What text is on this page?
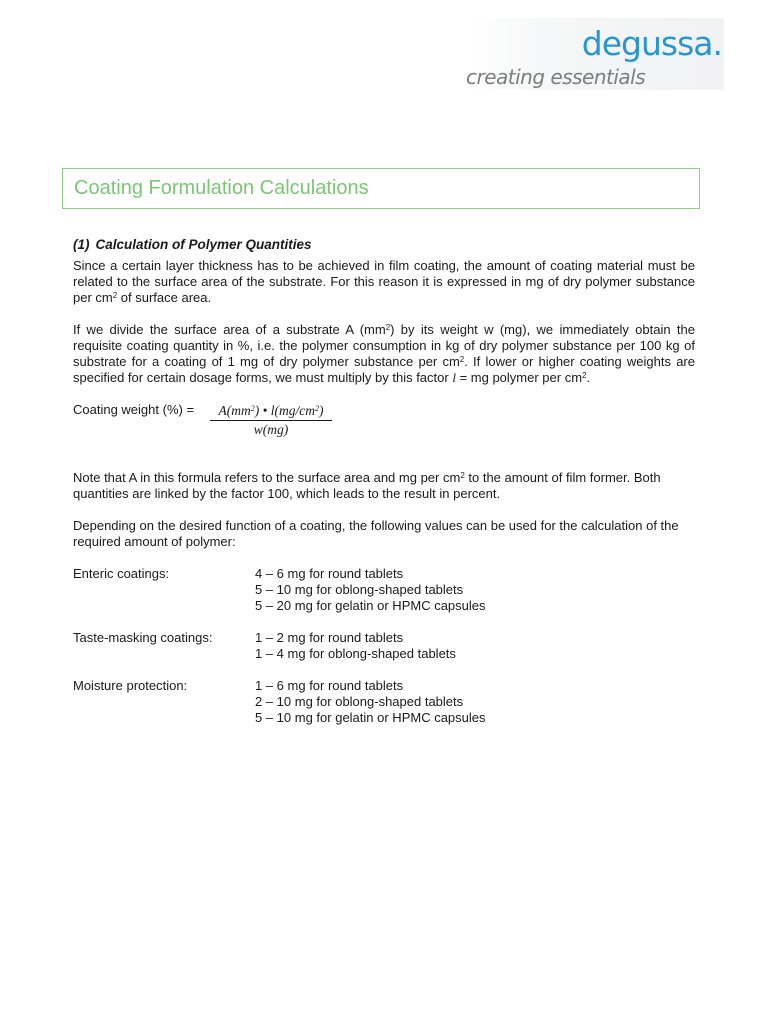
degussa.
creating essentials
Coating Formulation Calculations
(1) Calculation of Polymer Quantities

Since a certain layer thickness has to be achieved in film coating, the amount of coating material must be related to the surface area of the substrate. For this reason it is expressed in mg of dry polymer substance per $cm^2$ of surface area.

If we divide the surface area of a substrate A $(mm^2)$ by its weight w (mg), we immediately obtain the requisite coating quantity in %, i.e. the polymer consumption in kg of dry polymer substance per 100 kg of substrate for a coating of 1 mg of dry polymer substance per $cm^2$. If lower or higher coating weights are specified for certain dosage forms, we must multiply by this factor l = mg polymer per $cm^2$.

Coating weight (%) = $\frac{A(mm^2) • l(mg/cm^2)}{w(mg)}$

Note that A in this formula refers to the surface area and mg per $cm^2$ to the amount of film former. Both quantities are linked by the factor 100, which leads to the result in percent.

Depending on the desired function of a coating, the following values can be used for the calculation of the required amount of polymer:

Enteric coatings:	4 – 6 mg for round tablets
5 – 10 mg for oblong-shaped tablets
5 – 20 mg for gelatin or HPMC capsules
Taste-masking coatings:	1 – 2 mg for round tablets
1 – 4 mg for oblong-shaped tablets
Moisture protection:	1 – 6 mg for round tablets
2 – 10 mg for oblong-shaped tablets
5 – 10 mg for gelatin or HPMC capsules
